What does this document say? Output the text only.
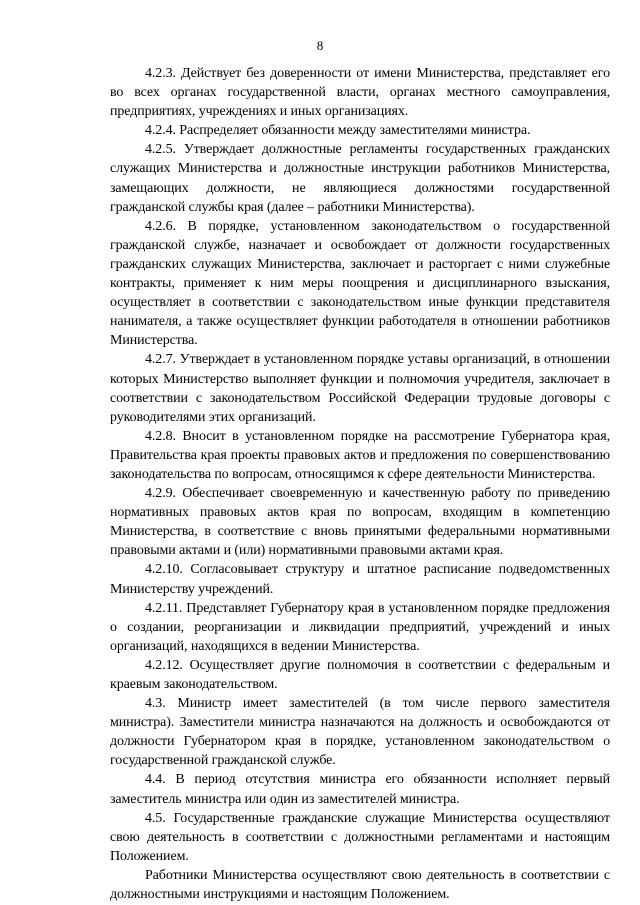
8

4.2.3. Действует без доверенности от имени Министерства, представляет его во всех органах государственной власти, органах местного самоуправления, предприятиях, учреждениях и иных организациях.

4.2.4. Распределяет обязанности между заместителями министра.

4.2.5. Утверждает должностные регламенты государственных гражданских служащих Министерства и должностные инструкции работников Министерства, замещающих должности, не являющиеся должностями государственной гражданской службы края (далее – работники Министерства).

4.2.6. В порядке, установленном законодательством о государственной гражданской службе, назначает и освобождает от должности государственных гражданских служащих Министерства, заключает и расторгает с ними служебные контракты, применяет к ним меры поощрения и дисциплинарного взыскания, осуществляет в соответствии с законодательством иные функции представителя нанимателя, а также осуществляет функции работодателя в отношении работников Министерства.

4.2.7. Утверждает в установленном порядке уставы организаций, в отношении которых Министерство выполняет функции и полномочия учредителя, заключает в соответствии с законодательством Российской Федерации трудовые договоры с руководителями этих организаций.

4.2.8. Вносит в установленном порядке на рассмотрение Губернатора края, Правительства края проекты правовых актов и предложения по совершенствованию законодательства по вопросам, относящимся к сфере деятельности Министерства.

4.2.9. Обеспечивает своевременную и качественную работу по приведению нормативных правовых актов края по вопросам, входящим в компетенцию Министерства, в соответствие с вновь принятыми федеральными нормативными правовыми актами и (или) нормативными правовыми актами края.

4.2.10. Согласовывает структуру и штатное расписание подведомственных Министерству учреждений.

4.2.11. Представляет Губернатору края в установленном порядке предложения о создании, реорганизации и ликвидации предприятий, учреждений и иных организаций, находящихся в ведении Министерства.

4.2.12. Осуществляет другие полномочия в соответствии с федеральным и краевым законодательством.

4.3. Министр имеет заместителей (в том числе первого заместителя министра). Заместители министра назначаются на должность и освобождаются от должности Губернатором края в порядке, установленном законодательством о государственной гражданской службе.

4.4. В период отсутствия министра его обязанности исполняет первый заместитель министра или один из заместителей министра.

4.5. Государственные гражданские служащие Министерства осуществляют свою деятельность в соответствии с должностными регламентами и настоящим Положением.

Работники Министерства осуществляют свою деятельность в соответствии с должностными инструкциями и настоящим Положением.
